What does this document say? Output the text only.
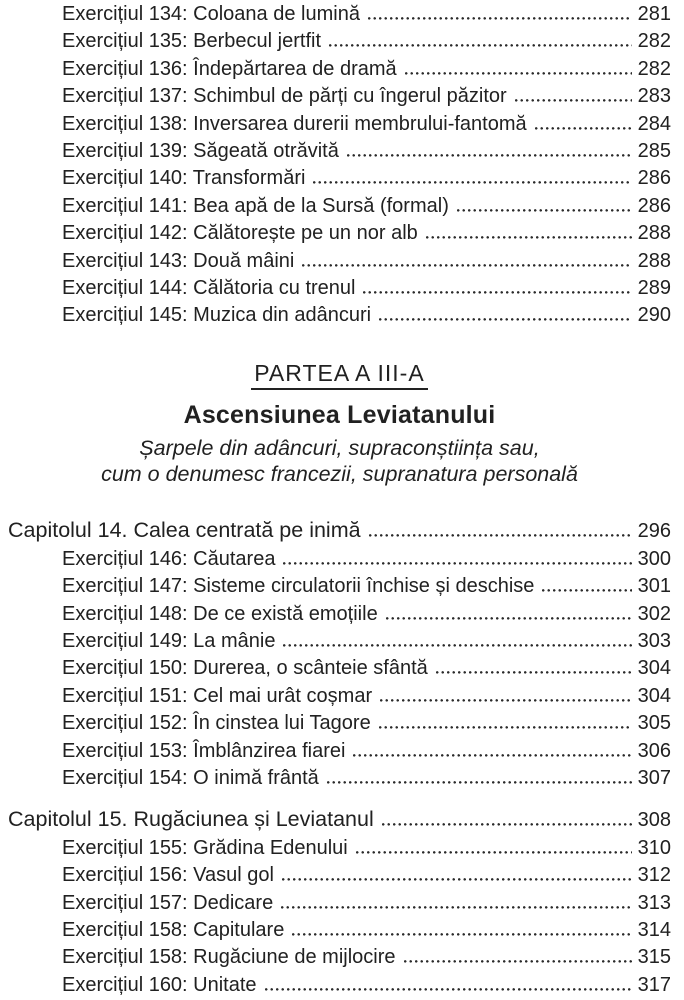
Exercițiul 134: Coloana de lumină	281
Exercițiul 135: Berbecul jertfit	282
Exercițiul 136: Îndepărtarea de dramă	282
Exercițiul 137: Schimbul de părți cu îngerul păzitor	283
Exercițiul 138: Inversarea durerii membrului-fantomă	284
Exercițiul 139: Săgeată otrăvită	285
Exercițiul 140: Transformări	286
Exercițiul 141: Bea apă de la Sursă (formal)	286
Exercițiul 142: Călătorește pe un nor alb	288
Exercițiul 143: Două mâini	288
Exercițiul 144: Călătoria cu trenul	289
Exercițiul 145: Muzica din adâncuri	290
PARTEA A III-A
Ascensiunea Leviatanului
Șarpele din adâncuri, supraconștiința sau,
cum o denumesc francezii, supranatura personală
Capitolul 14. Calea centrată pe inimă	296
Exercițiul 146: Căutarea	300
Exercițiul 147: Sisteme circulatorii închise și deschise	301
Exercițiul 148: De ce există emoțiile	302
Exercițiul 149: La mânie	303
Exercițiul 150: Durerea, o scânteie sfântă	304
Exercițiul 151: Cel mai urât coșmar	304
Exercițiul 152: În cinstea lui Tagore	305
Exercițiul 153: Îmblânzirea fiarei	306
Exercițiul 154: O inimă frântă	307
Capitolul 15. Rugăciunea și Leviatanul	308
Exercițiul 155: Grădina Edenului	310
Exercițiul 156: Vasul gol	312
Exercițiul 157: Dedicare	313
Exercițiul 158: Capitulare	314
Exercițiul 158: Rugăciune de mijlocire	315
Exercițiul 160: Unitate	317
